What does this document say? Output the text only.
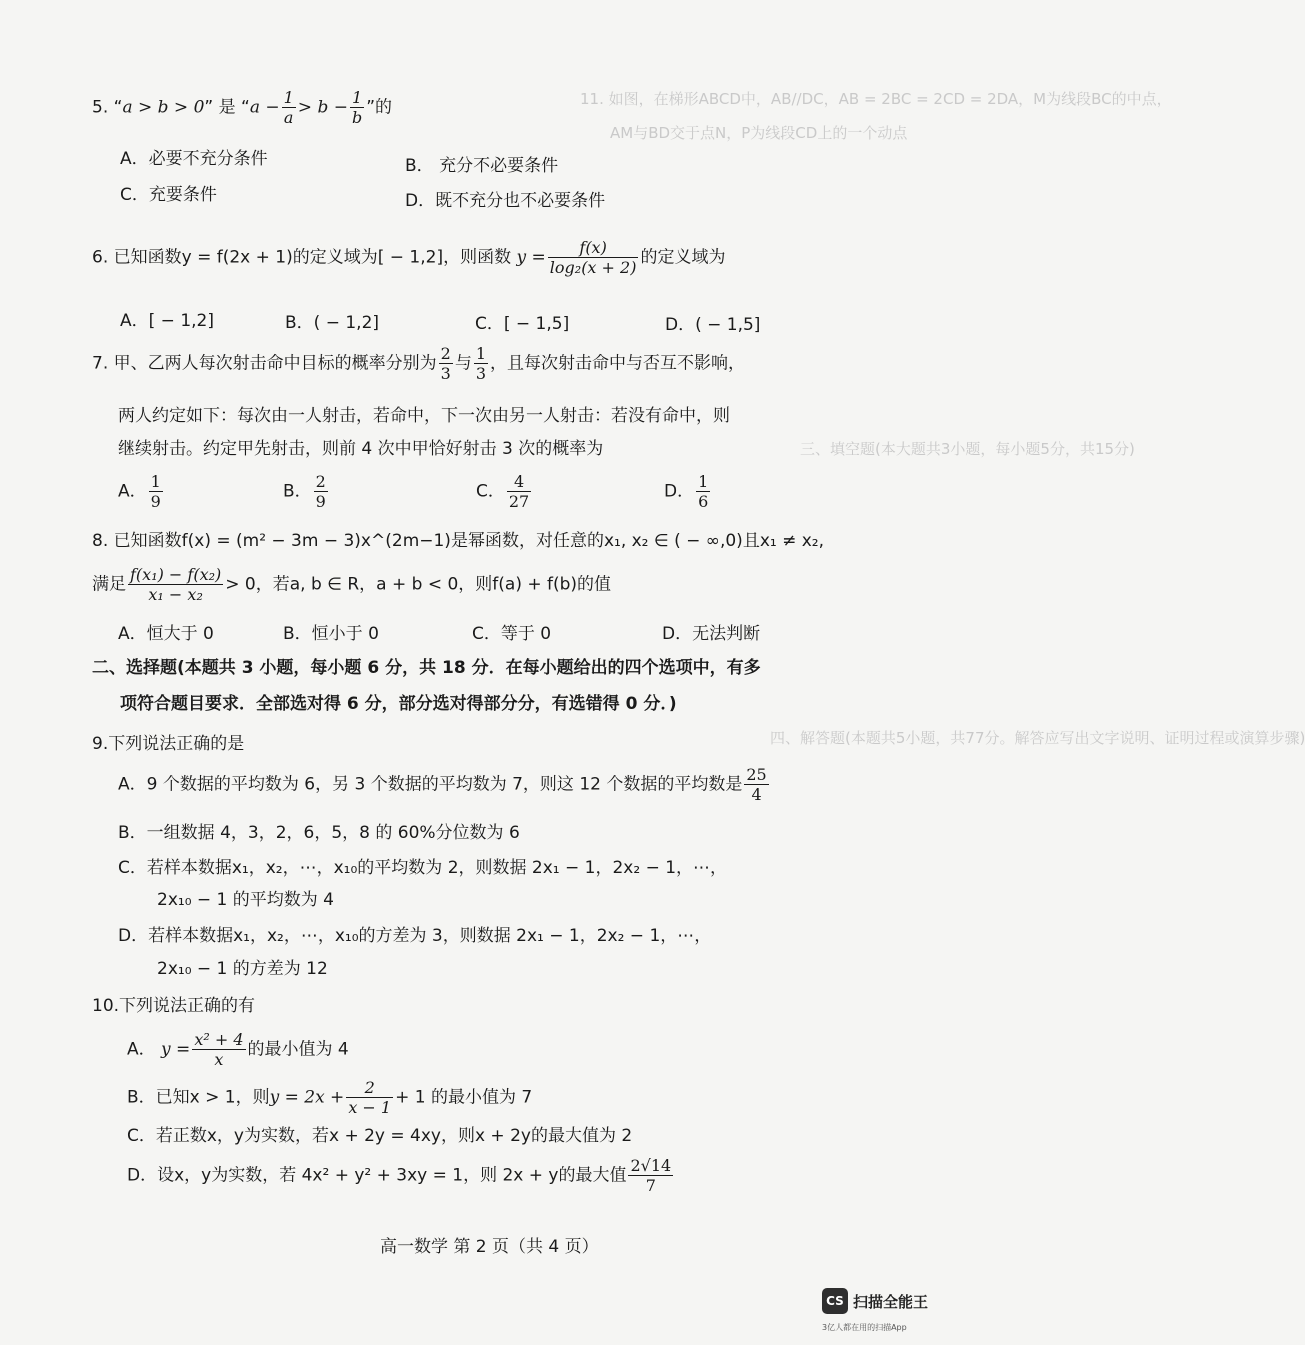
11. 如图，在梯形ABCD中，AB//DC，AB = 2BC = 2CD = 2DA，M为线段BC的中点，
AM与BD交于点N，P为线段CD上的一个动点
三、填空题(本大题共3小题，每小题5分，共15分)
四、解答题(本题共5小题，共77分。解答应写出文字说明、证明过程或演算步骤)
5. “a > b > 0” 是 “$a - \frac{1}{a} > b - \frac{1}{b}$ ”的
A．必要不充分条件	B． 充分不必要条件
C．充要条件	D．既不充分也不必要条件
6. 已知函数y = f(2x + 1)的定义域为[ − 1,2]，则函数 $y = \frac{f(x)}{\text{log₂(x + 2)}}$ 的定义域为
A．[ − 1,2]	B．( − 1,2]	C．[ − 1,5]	D．( − 1,5]
7. 甲、乙两人每次射击命中目标的概率分别为 $\frac{2}{3}$ 与 $\frac{1}{3}$ ，且每次射击命中与否互不影响，
两人约定如下：每次由一人射击，若命中，下一次由另一人射击：若没有命中，则
继续射击。约定甲先射击，则前 4 次中甲恰好射击 3 次的概率为
A． $\frac{1}{9}$	B． $\frac{2}{9}$	C． $\frac{4}{27}$	D． $\frac{1}{6}$
8. 已知函数f(x) = (m² − 3m − 3)x^(2m−1)是幂函数，对任意的x₁, x₂ ∈ ( − ∞,0)且x₁ ≠ x₂,
满足 $\frac{\text{f(x₁) − f(x₂)}}{\text{x₁ − x₂}} > 0$，若a, b ∈ R，a + b < 0，则f(a) + f(b)的值
A．恒大于 0	B．恒小于 0	C．等于 0	D．无法判断
二、选择题(本题共 3 小题，每小题 6 分，共 18 分．在每小题给出的四个选项中，有多
项符合题目要求．全部选对得 6 分，部分选对得部分分，有选错得 0 分．)
9.下列说法正确的是
A．9 个数据的平均数为 6，另 3 个数据的平均数为 7，则这 12 个数据的平均数是 $\frac{25}{4}$
B．一组数据 4，3，2，6，5，8 的 60%分位数为 6
C．若样本数据x₁，x₂，⋯，x₁₀的平均数为 2，则数据 2x₁ − 1，2x₂ − 1，⋯，
2x₁₀ − 1 的平均数为 4
D．若样本数据x₁，x₂，⋯，x₁₀的方差为 3，则数据 2x₁ − 1，2x₂ − 1，⋯，
2x₁₀ − 1 的方差为 12
10.下列说法正确的有
A． $y = \frac{\text{x² + 4}}{x}$ 的最小值为 4
B．已知x > 1，则$y = 2x + \frac{2}{x - 1} + 1$ 的最小值为 7
C．若正数x，y为实数，若x + 2y = 4xy，则x + 2y的最大值为 2
D．设x，y为实数，若 4x² + y² + 3xy = 1，则 2x + y的最大值 $\frac{2√14}{7}$
高一数学 第 2 页（共 4 页）
CS 扫描全能王
3亿人都在用的扫描App
